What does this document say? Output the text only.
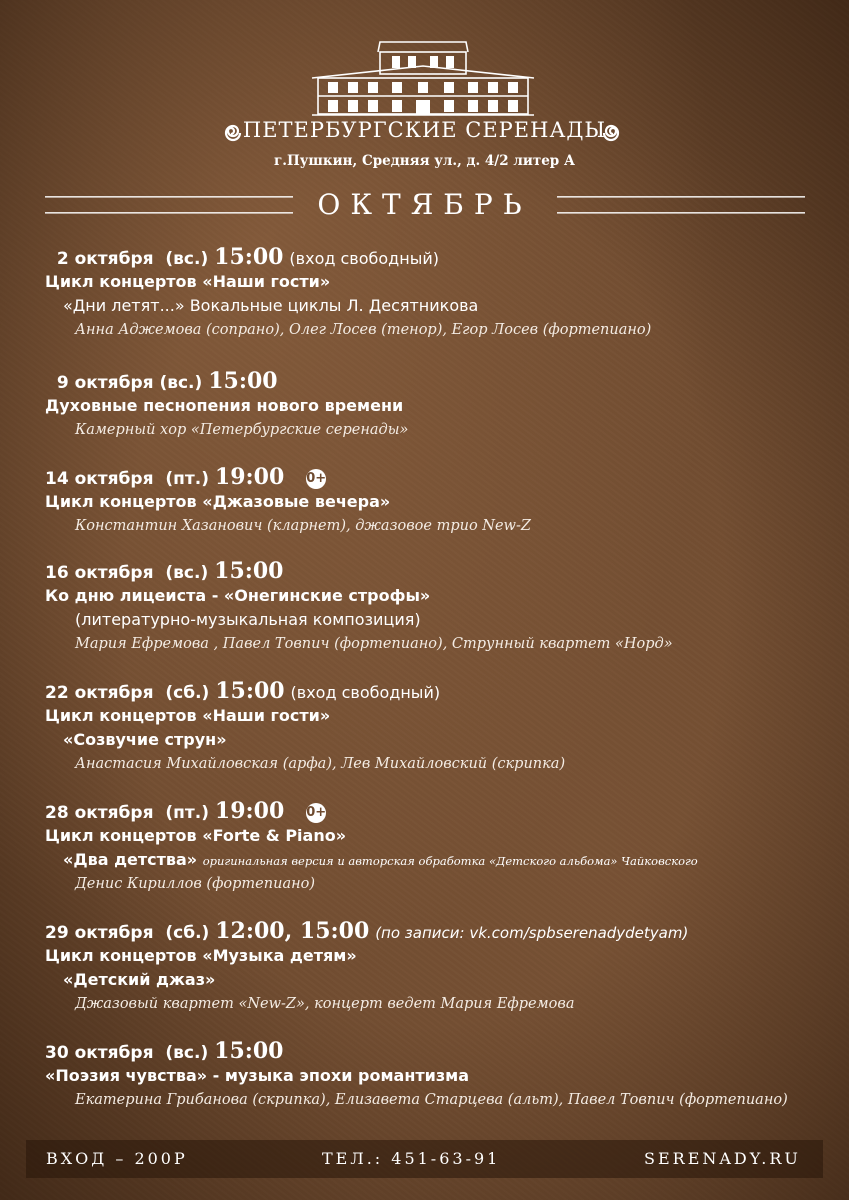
ПЕТЕРБУРГСКИЕ СЕРЕНАДЫ
г.Пушкин, Средняя ул., д. 4/2 литер А
ОКТЯБРЬ
2 октября (вс.) 15:00 (вход свободный)
Цикл концертов «Наши гости»
«Дни летят...» Вокальные циклы Л. Десятникова
Анна Аджемова (сопрано), Олег Лосев (тенор), Егор Лосев (фортепиано)
9 октября (вс.) 15:00
Духовные песнопения нового времени
Камерный хор «Петербургские серенады»
14 октября (пт.) 19:00 0+
Цикл концертов «Джазовые вечера»
Константин Хазанович (кларнет), джазовое трио New-Z
16 октября (вс.) 15:00
Ко дню лицеиста - «Онегинские строфы»
(литературно-музыкальная композиция)
Мария Ефремова , Павел Товпич (фортепиано), Струнный квартет «Норд»
22 октября (сб.) 15:00 (вход свободный)
Цикл концертов «Наши гости»
«Созвучие струн»
Анастасия Михайловская (арфа), Лев Михайловский (скрипка)
28 октября (пт.) 19:00 0+
Цикл концертов «Forte & Piano»
«Два детства» оригинальная версия и авторская обработка «Детского альбома» Чайковского
Денис Кириллов (фортепиано)
29 октября (сб.) 12:00, 15:00 (по записи: vk.com/spbserenadydetyam)
Цикл концертов «Музыка детям»
«Детский джаз»
Джазовый квартет «New-Z», концерт ведет Мария Ефремова
30 октября (вс.) 15:00
«Поэзия чувства» - музыка эпохи романтизма
Екатерина Грибанова (скрипка), Елизавета Старцева (альт), Павел Товпич (фортепиано)
ВХОД – 200Р	ТЕЛ.: 451-63-91	SERENADY.RU
